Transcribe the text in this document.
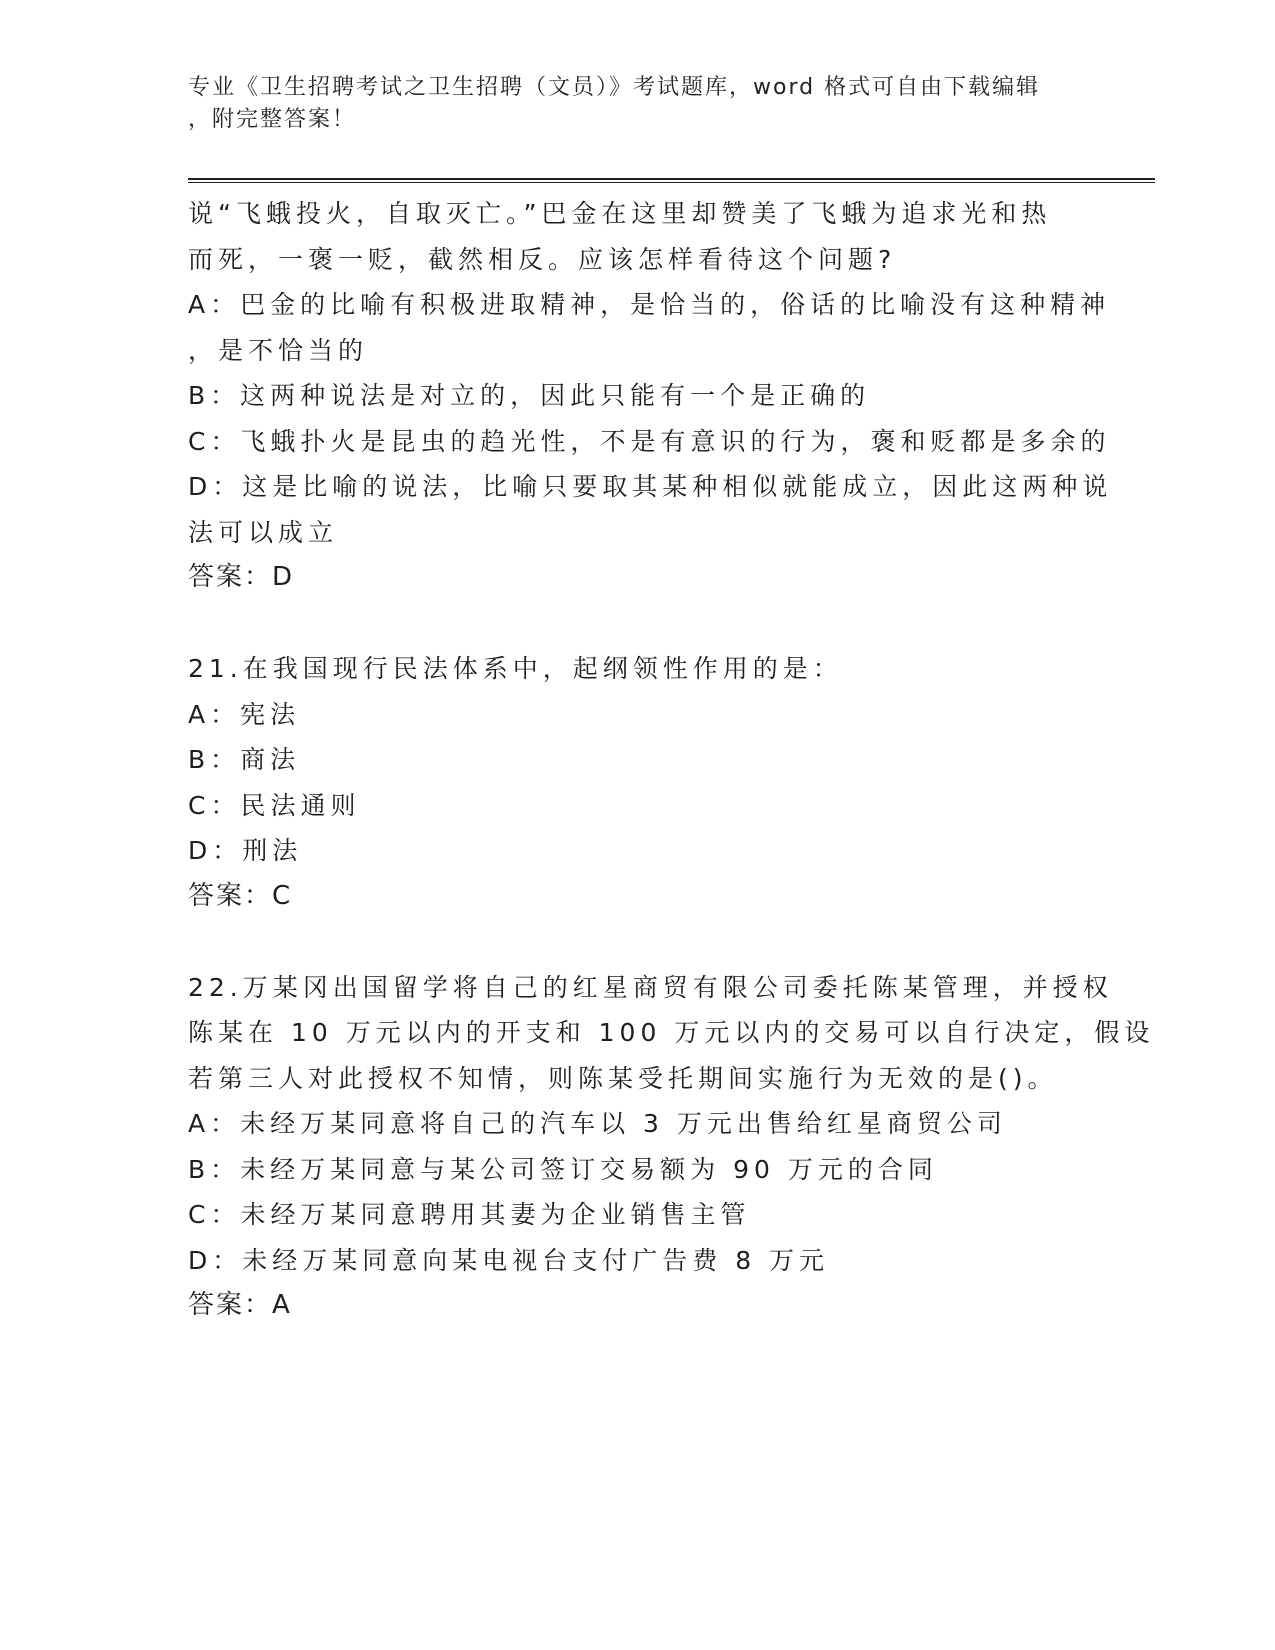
专业《卫生招聘考试之卫生招聘（文员）》考试题库，word 格式可自由下载编辑
，附完整答案！
说“飞蛾投火，自取灭亡。”巴金在这里却赞美了飞蛾为追求光和热
而死，一褒一贬，截然相反。应该怎样看待这个问题?
A：巴金的比喻有积极进取精神，是恰当的，俗话的比喻没有这种精神
，是不恰当的
B：这两种说法是对立的，因此只能有一个是正确的
C：飞蛾扑火是昆虫的趋光性，不是有意识的行为，褒和贬都是多余的
D：这是比喻的说法，比喻只要取其某种相似就能成立，因此这两种说
法可以成立
答案：D
21.在我国现行民法体系中，起纲领性作用的是：
A：宪法
B：商法
C：民法通则
D：刑法
答案：C
22.万某冈出国留学将自己的红星商贸有限公司委托陈某管理，并授权
陈某在 10 万元以内的开支和 100 万元以内的交易可以自行决定，假设
若第三人对此授权不知情，则陈某受托期间实施行为无效的是()。
A：未经万某同意将自己的汽车以 3 万元出售给红星商贸公司
B：未经万某同意与某公司签订交易额为 90 万元的合同
C：未经万某同意聘用其妻为企业销售主管
D：未经万某同意向某电视台支付广告费 8 万元
答案：A
